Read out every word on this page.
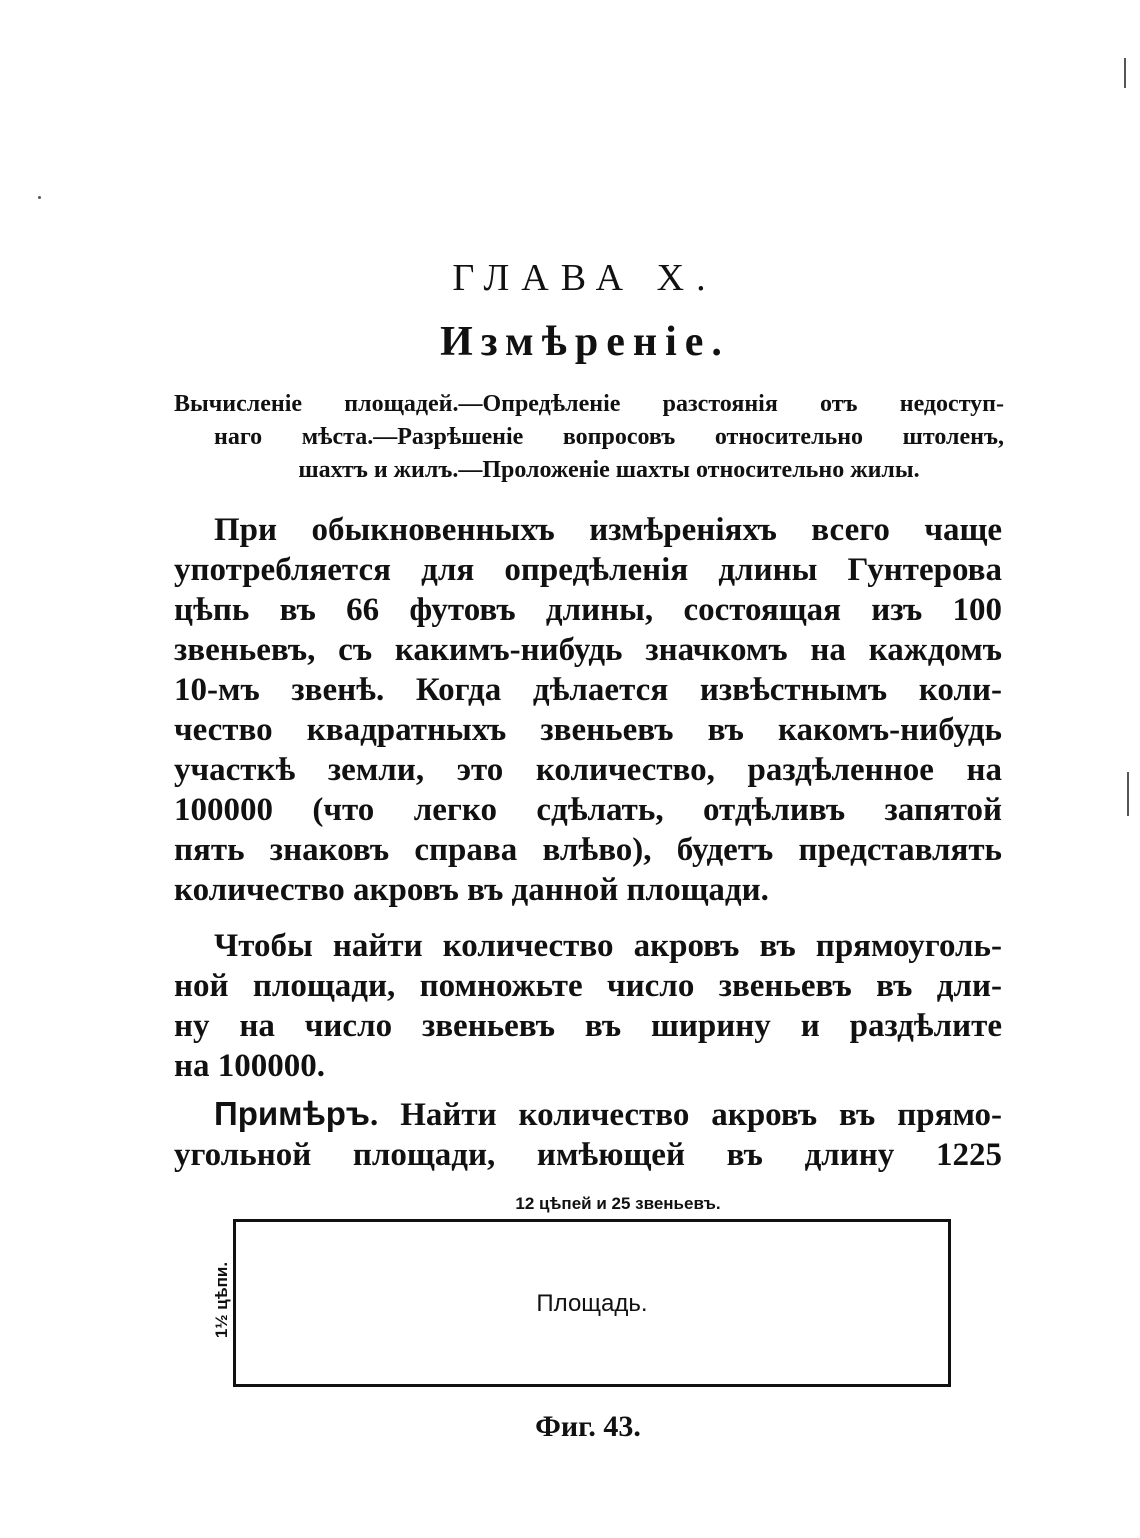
ГЛАВА X.
Измѣреніе.
Вычисленіе площадей.—Опредѣленіе разстоянія отъ недоступ-
наго мѣста.—Разрѣшеніе вопросовъ относительно штоленъ,
шахтъ и жилъ.—Проложеніе шахты относительно жилы.
При обыкновенныхъ измѣреніяхъ всего чаще
употребляется для опредѣленія длины Гунтерова
цѣпь въ 66 футовъ длины, состоящая изъ 100
звеньевъ, съ какимъ-нибудь значкомъ на каждомъ
10-мъ звенѣ. Когда дѣлается извѣстнымъ коли-
чество квадратныхъ звеньевъ въ какомъ-нибудь
участкѣ земли, это количество, раздѣленное на
100000 (что легко сдѣлать, отдѣливъ запятой
пять знаковъ справа влѣво), будетъ представлять
количество акровъ въ данной площади.
Чтобы найти количество акровъ въ прямоуголь-
ной площади, помножьте число звеньевъ въ дли-
ну на число звеньевъ въ ширину и раздѣлите
на 100000.
Примѣръ. Найти количество акровъ въ прямо-
угольной площади, имѣющей въ длину 1225
12 цѣпей и 25 звеньевъ.
Площадь.
1½ цѣпи.
Фиг. 43.
